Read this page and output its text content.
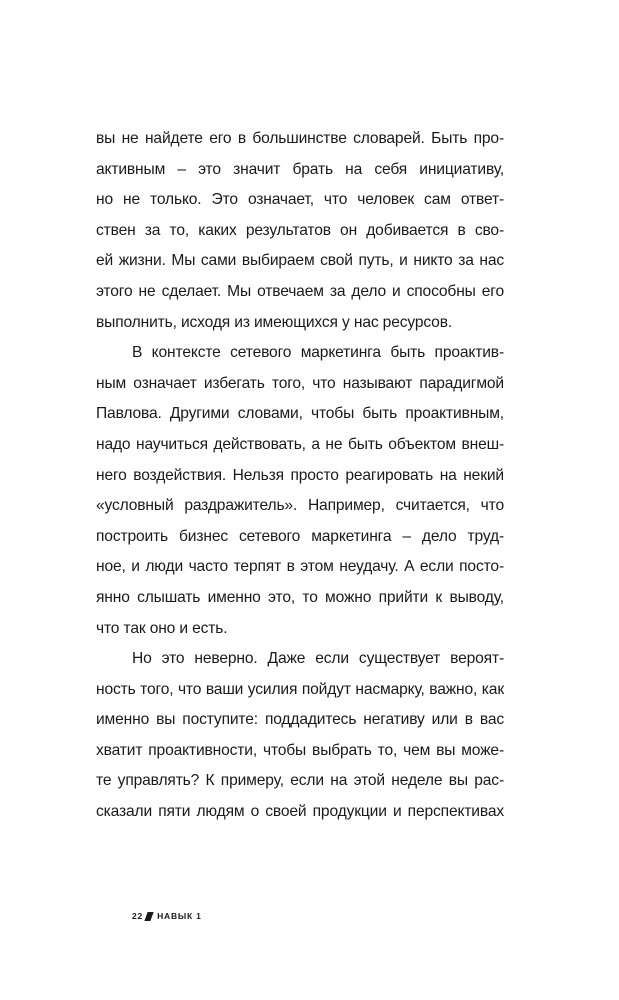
вы не найдете его в большинстве словарей. Быть про-
активным – это значит брать на себя инициативу,
но не только. Это означает, что человек сам ответ-
ствен за то, каких результатов он добивается в сво-
ей жизни. Мы сами выбираем свой путь, и никто за нас
этого не сделает. Мы отвечаем за дело и способны его
выполнить, исходя из имеющихся у нас ресурсов.
В контексте сетевого маркетинга быть проактив-
ным означает избегать того, что называют парадигмой
Павлова. Другими словами, чтобы быть проактивным,
надо научиться действовать, а не быть объектом внеш-
него воздействия. Нельзя просто реагировать на некий
«условный раздражитель». Например, считается, что
построить бизнес сетевого маркетинга – дело труд-
ное, и люди часто терпят в этом неудачу. А если посто-
янно слышать именно это, то можно прийти к выводу,
что так оно и есть.
Но это неверно. Даже если существует вероят-
ность того, что ваши усилия пойдут насмарку, важно, как
именно вы поступите: поддадитесь негативу или в вас
хватит проактивности, чтобы выбрать то, чем вы може-
те управлять? К примеру, если на этой неделе вы рас-
сказали пяти людям о своей продукции и перспективах
22 НАВЫК 1
